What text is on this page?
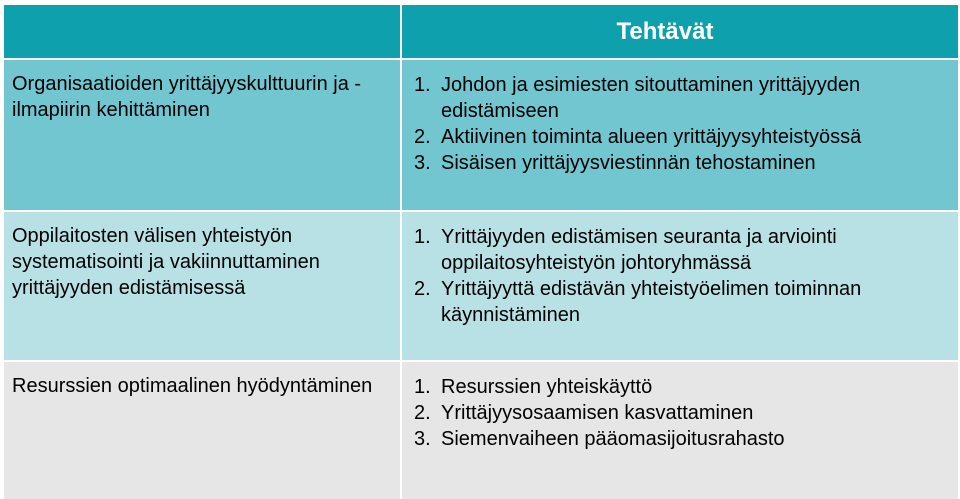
Tehtävät
Organisaatioiden yrittäjyyskulttuurin ja -ilmapiirin kehittäminen
1. Johdon ja esimiesten sitouttaminen yrittäjyyden edistämiseen
2. Aktiivinen toiminta alueen yrittäjyysyhteistyössä
3. Sisäisen yrittäjyysviestinnän tehostaminen
Oppilaitosten välisen yhteistyön systematisointi ja vakiinnuttaminen yrittäjyyden edistämisessä
1. Yrittäjyyden edistämisen seuranta ja arviointi oppilaitosyhteistyön johtoryhmässä
2. Yrittäjyyttä edistävän yhteistyöelimen toiminnan käynnistäminen
Resurssien optimaalinen hyödyntäminen	1. Resurssien yhteiskäyttö
2. Yrittäjyysosaamisen kasvattaminen
3. Siemenvaiheen pääomasijoitusrahasto
